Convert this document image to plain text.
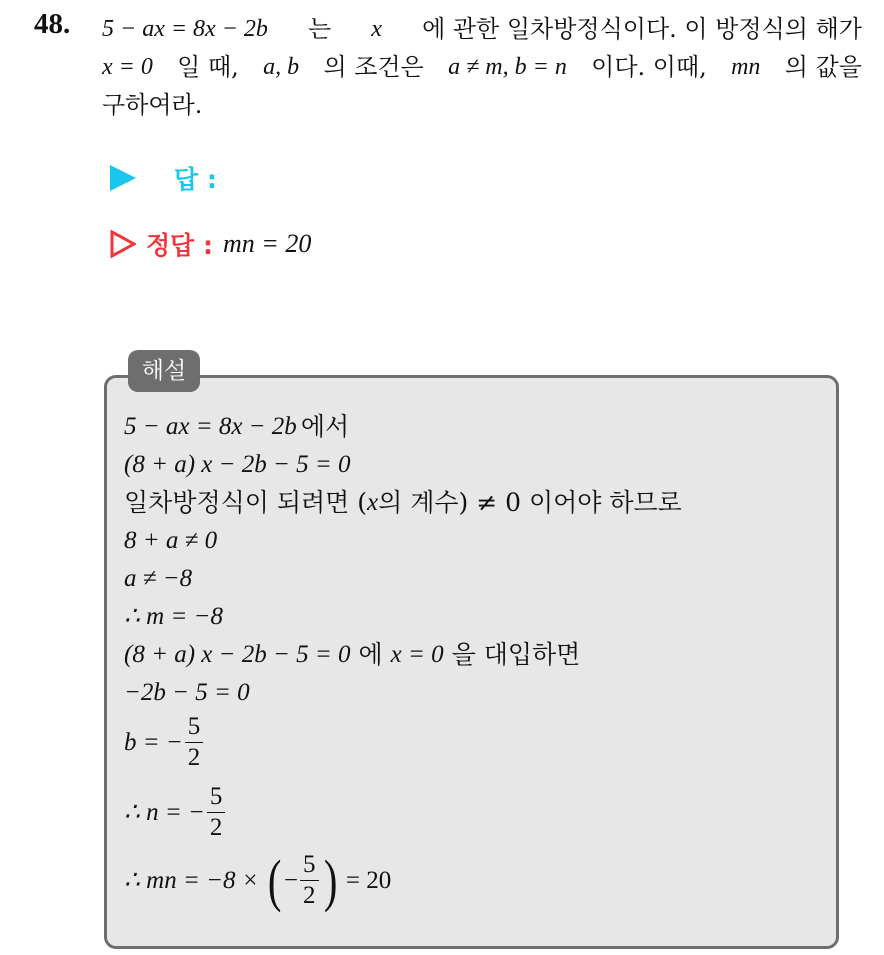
48. 5 − ax = 8x − 2b 는 x 에 관한 일차방정식이다. 이 방정식의 해가
x = 0 일 때, a, b 의 조건은 a ≠ m, b = n 이다. 이때, mn 의 값을
구하여라.
답 :
정답 : mn = 20
해설
5 − ax = 8x − 2b 에서
(8 + a) x − 2b − 5 = 0
일차방정식이 되려면 ( x 의 계수) ≠ 0 이어야 하므로
8 + a ≠ 0
a ≠ −8
∴ m = −8
(8 + a) x − 2b − 5 = 0 에 x = 0 을 대입하면
−2b − 5 = 0
b = − $\frac{5}{2}$
∴ n = − $\frac{5}{2}$
∴ mn = −8 × ( − $\frac{5}{2}$ ) = 20
